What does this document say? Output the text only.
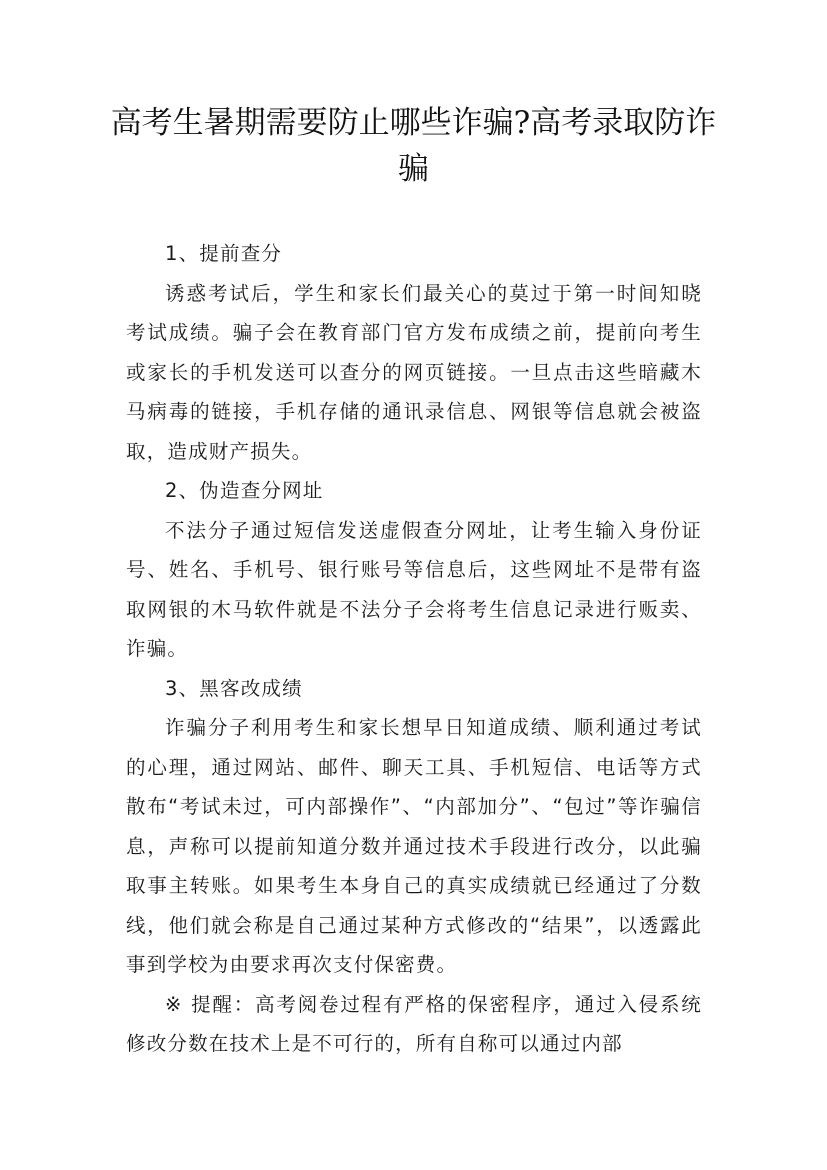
高考生暑期需要防止哪些诈骗?高考录取防诈骗

1、提前查分

诱惑考试后，学生和家长们最关心的莫过于第一时间知晓考试成绩。骗子会在教育部门官方发布成绩之前，提前向考生或家长的手机发送可以查分的网页链接。一旦点击这些暗藏木马病毒的链接，手机存储的通讯录信息、网银等信息就会被盗取，造成财产损失。

2、伪造查分网址

不法分子通过短信发送虚假查分网址，让考生输入身份证号、姓名、手机号、银行账号等信息后，这些网址不是带有盗取网银的木马软件就是不法分子会将考生信息记录进行贩卖、诈骗。

3、黑客改成绩

诈骗分子利用考生和家长想早日知道成绩、顺利通过考试的心理，通过网站、邮件、聊天工具、手机短信、电话等方式散布“考试未过，可内部操作”、“内部加分”、“包过”等诈骗信息，声称可以提前知道分数并通过技术手段进行改分，以此骗取事主转账。如果考生本身自己的真实成绩就已经通过了分数线，他们就会称是自己通过某种方式修改的“结果”，以透露此事到学校为由要求再次支付保密费。

※ 提醒：高考阅卷过程有严格的保密程序，通过入侵系统修改分数在技术上是不可行的，所有自称可以通过内部
